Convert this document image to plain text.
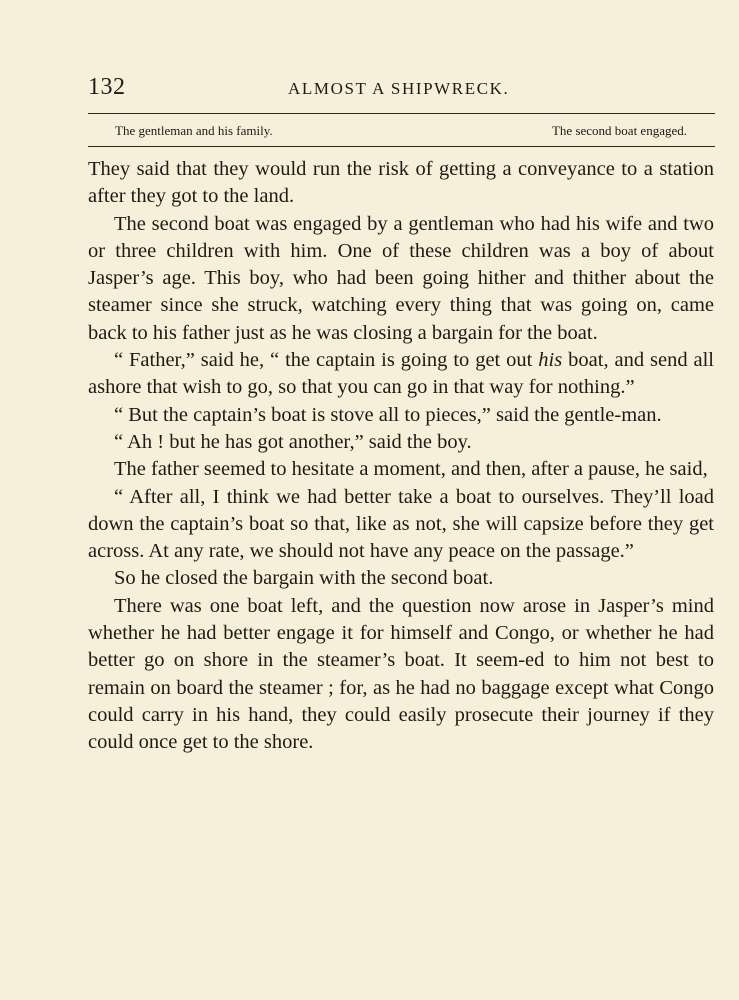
132	ALMOST A SHIPWRECK.
The gentleman and his family.	The second boat engaged.

They said that they would run the risk of getting a conveyance to a station after they got to the land.

The second boat was engaged by a gentleman who had his wife and two or three children with him. One of these children was a boy of about Jasper’s age. This boy, who had been going hither and thither about the steamer since she struck, watching every thing that was going on, came back to his father just as he was closing a bargain for the boat.

“ Father,” said he, “ the captain is going to get out his boat, and send all ashore that wish to go, so that you can go in that way for nothing.”

“ But the captain’s boat is stove all to pieces,” said the gentle-man.

“ Ah ! but he has got another,” said the boy.

The father seemed to hesitate a moment, and then, after a pause, he said,

“ After all, I think we had better take a boat to ourselves. They’ll load down the captain’s boat so that, like as not, she will capsize before they get across. At any rate, we should not have any peace on the passage.”

So he closed the bargain with the second boat.

There was one boat left, and the question now arose in Jasper’s mind whether he had better engage it for himself and Congo, or whether he had better go on shore in the steamer’s boat. It seem-ed to him not best to remain on board the steamer ; for, as he had no baggage except what Congo could carry in his hand, they could easily prosecute their journey if they could once get to the shore.
